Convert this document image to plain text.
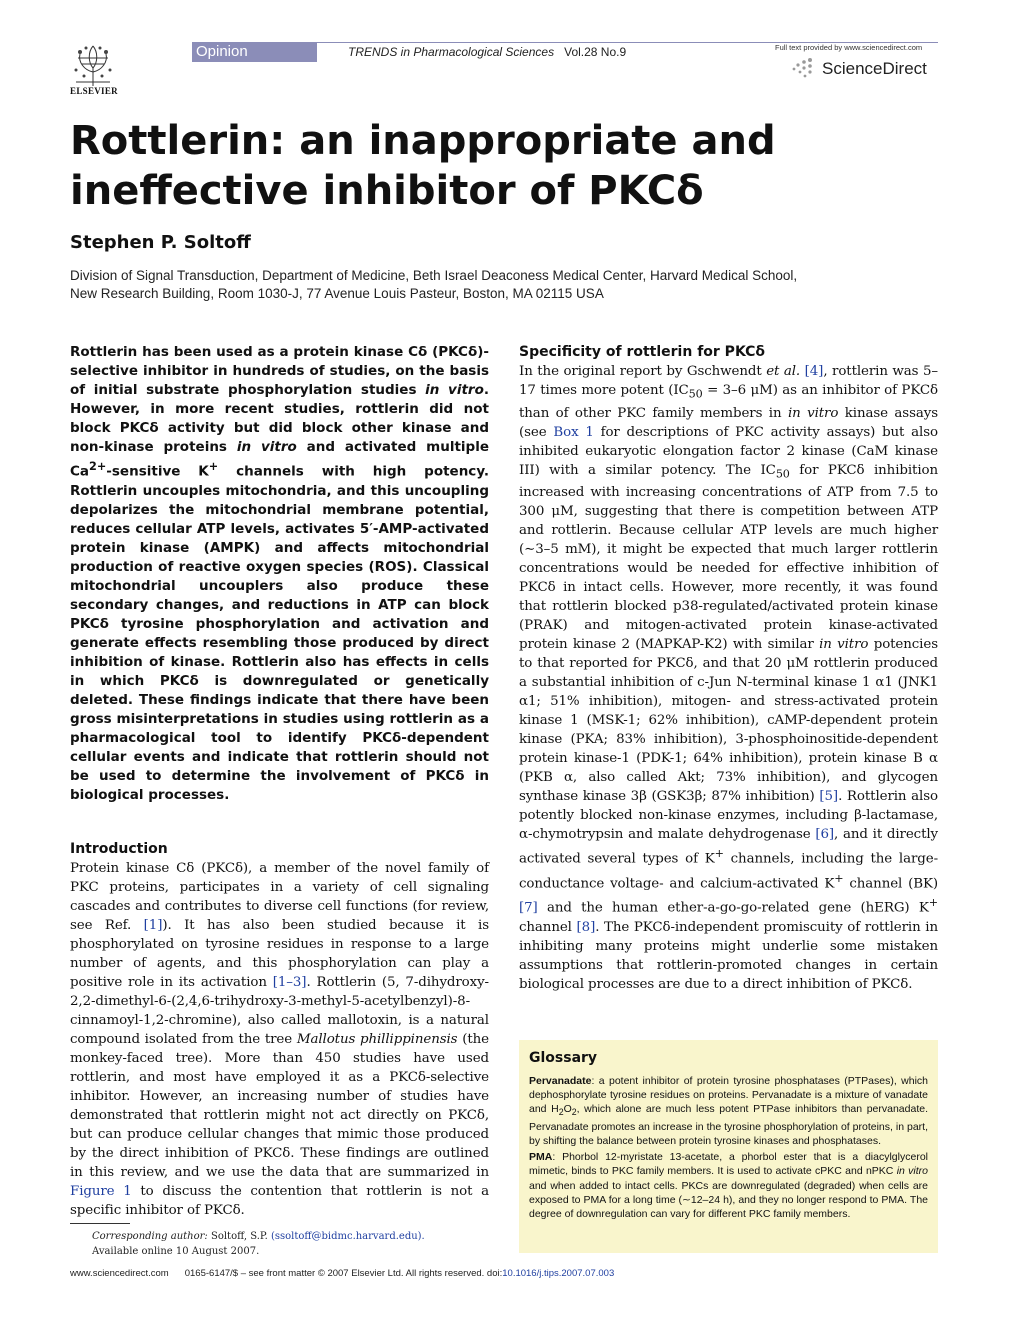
ELSEVIER
Opinion	TRENDS in Pharmacological Sciences Vol.28 No.9	Full text provided by www.sciencedirect.com
ScienceDirect
Rottlerin: an inappropriate and ineffective inhibitor of PKCδ
Stephen P. Soltoff
Division of Signal Transduction, Department of Medicine, Beth Israel Deaconess Medical Center, Harvard Medical School,
New Research Building, Room 1030-J, 77 Avenue Louis Pasteur, Boston, MA 02115 USA

Rottlerin has been used as a protein kinase Cδ (PKCδ)-selective inhibitor in hundreds of studies, on the basis of initial substrate phosphorylation studies in vitro. However, in more recent studies, rottlerin did not block PKCδ activity but did block other kinase and non-kinase proteins in vitro and activated multiple $Ca^{2+}$-sensitive K+ channels with high potency. Rottlerin uncouples mitochondria, and this uncoupling depolarizes the mitochondrial membrane potential, reduces cellular ATP levels, activates 5′-AMP-activated protein kinase (AMPK) and affects mitochondrial production of reactive oxygen species (ROS). Classical mitochondrial uncouplers also produce these secondary changes, and reductions in ATP can block PKCδ tyrosine phosphorylation and activation and generate effects resembling those produced by direct inhibition of kinase. Rottlerin also has effects in cells in which PKCδ is downregulated or genetically deleted. These findings indicate that there have been gross misinterpretations in studies using rottlerin as a pharmacological tool to identify PKCδ-dependent cellular events and indicate that rottlerin should not be used to determine the involvement of PKCδ in biological processes.

Introduction

Protein kinase Cδ (PKCδ), a member of the novel family of PKC proteins, participates in a variety of cell signaling cascades and contributes to diverse cell functions (for review, see Ref. [1]). It has also been studied because it is phosphorylated on tyrosine residues in response to a large number of agents, and this phosphorylation can play a positive role in its activation [1–3]. Rottlerin (5, 7-dihydroxy-2,2-dimethyl-6-(2,4,6-trihydroxy-3-methyl-5-acetylbenzyl)-8-cinnamoyl-1,2-chromine), also called mallotoxin, is a natural compound isolated from the tree Mallotus phillippinensis (the monkey-faced tree). More than 450 studies have used rottlerin, and most have employed it as a PKCδ-selective inhibitor. However, an increasing number of studies have demonstrated that rottlerin might not act directly on PKCδ, but can produce cellular changes that mimic those produced by the direct inhibition of PKCδ. These findings are outlined in this review, and we use the data that are summarized in Figure 1 to discuss the contention that rottlerin is not a specific inhibitor of PKCδ.

Specificity of rottlerin for PKCδ

In the original report by Gschwendt et al. [4], rottlerin was 5–17 times more potent ($IC_{50} = 3-6$ μM) as an inhibitor of PKCδ than of other PKC family members in in vitro kinase assays (see Box 1 for descriptions of PKC activity assays) but also inhibited eukaryotic elongation factor 2 kinase (CaM kinase III) with a similar potency. The $IC_{50}$ for PKCδ inhibition increased with increasing concentrations of ATP from 7.5 to 300 μM, suggesting that there is competition between ATP and rottlerin. Because cellular ATP levels are much higher (∼3–5 mM), it might be expected that much larger rottlerin concentrations would be needed for effective inhibition of PKCδ in intact cells. However, more recently, it was found that rottlerin blocked p38-regulated/activated protein kinase (PRAK) and mitogen-activated protein kinase-activated protein kinase 2 (MAPKAP-K2) with similar in vitro potencies to that reported for PKCδ, and that 20 μM rottlerin produced a substantial inhibition of c-Jun N-terminal kinase 1 α1 (JNK1 α1; 51% inhibition), mitogen- and stress-activated protein kinase 1 (MSK-1; 62% inhibition), cAMP-dependent protein kinase (PKA; 83% inhibition), 3-phosphoinositide-dependent protein kinase-1 (PDK-1; 64% inhibition), protein kinase B α (PKB α, also called Akt; 73% inhibition), and glycogen synthase kinase 3β (GSK3β; 87% inhibition) [5]. Rottlerin also potently blocked non-kinase enzymes, including β-lactamase, α-chymotrypsin and malate dehydrogenase [6], and it directly activated several types of K+ channels, including the large-conductance voltage- and calcium-activated K+ channel (BK) [7] and the human ether-a-go-go-related gene (hERG) K+ channel [8]. The PKCδ-independent promiscuity of rottlerin in inhibiting many proteins might underlie some mistaken assumptions that rottlerin-promoted changes in certain biological processes are due to a direct inhibition of PKCδ.

Glossary

Pervanadate: a potent inhibitor of protein tyrosine phosphatases (PTPases), which dephosphorylate tyrosine residues on proteins. Pervanadate is a mixture of vanadate and $H_2O_2$, which alone are much less potent PTPase inhibitors than pervanadate. Pervanadate promotes an increase in the tyrosine phosphorylation of proteins, in part, by shifting the balance between protein tyrosine kinases and phosphatases.

PMA: Phorbol 12-myristate 13-acetate, a phorbol ester that is a diacylglycerol mimetic, binds to PKC family members. It is used to activate cPKC and nPKC in vitro and when added to intact cells. PKCs are downregulated (degraded) when cells are exposed to PMA for a long time (∼12–24 h), and they no longer respond to PMA. The degree of downregulation can vary for different PKC family members.

Corresponding author: Soltoff, S.P. (ssoltoff@bidmc.harvard.edu).
Available online 10 August 2007.
www.sciencedirect.com 0165-6147/$ – see front matter © 2007 Elsevier Ltd. All rights reserved. doi:10.1016/j.tips.2007.07.003
